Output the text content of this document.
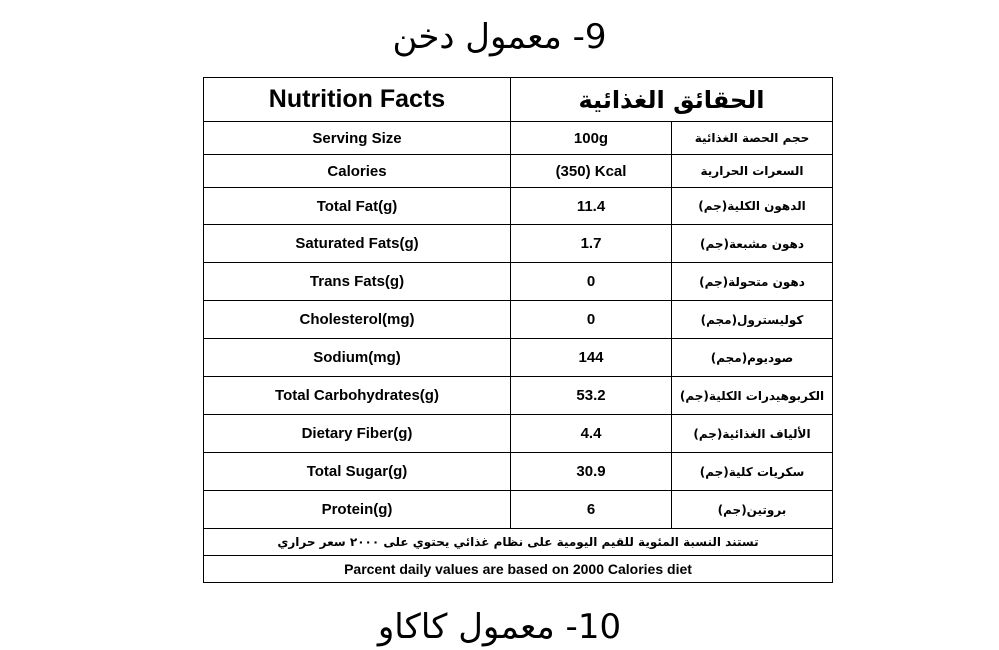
9- معمول دخن
Nutrition Facts	الحقائق الغذائية	
Serving Size	100g	حجم الحصة الغذائية
Calories	(350) Kcal	السعرات الحرارية
Total Fat(g)	11.4	الدهون الكلية(جم)
Saturated Fats(g)	1.7	دهون مشبعة(جم)
Trans Fats(g)	0	دهون متحولة(جم)
Cholesterol(mg)	0	كوليسترول(مجم)
Sodium(mg)	144	صوديوم(مجم)
Total Carbohydrates(g)	53.2	الكربوهيدرات الكلية(جم)
Dietary Fiber(g)	4.4	الألياف الغذائية(جم)
Total Sugar(g)	30.9	سكريات كلية(جم)
Protein(g)	6	بروتين(جم)
تستند النسبة المئوية للقيم اليومية على نظام غذائي يحتوي على ٢٠٠٠ سعر حراري		
Parcent daily values are based on 2000 Calories diet		
10- معمول كاكاو
